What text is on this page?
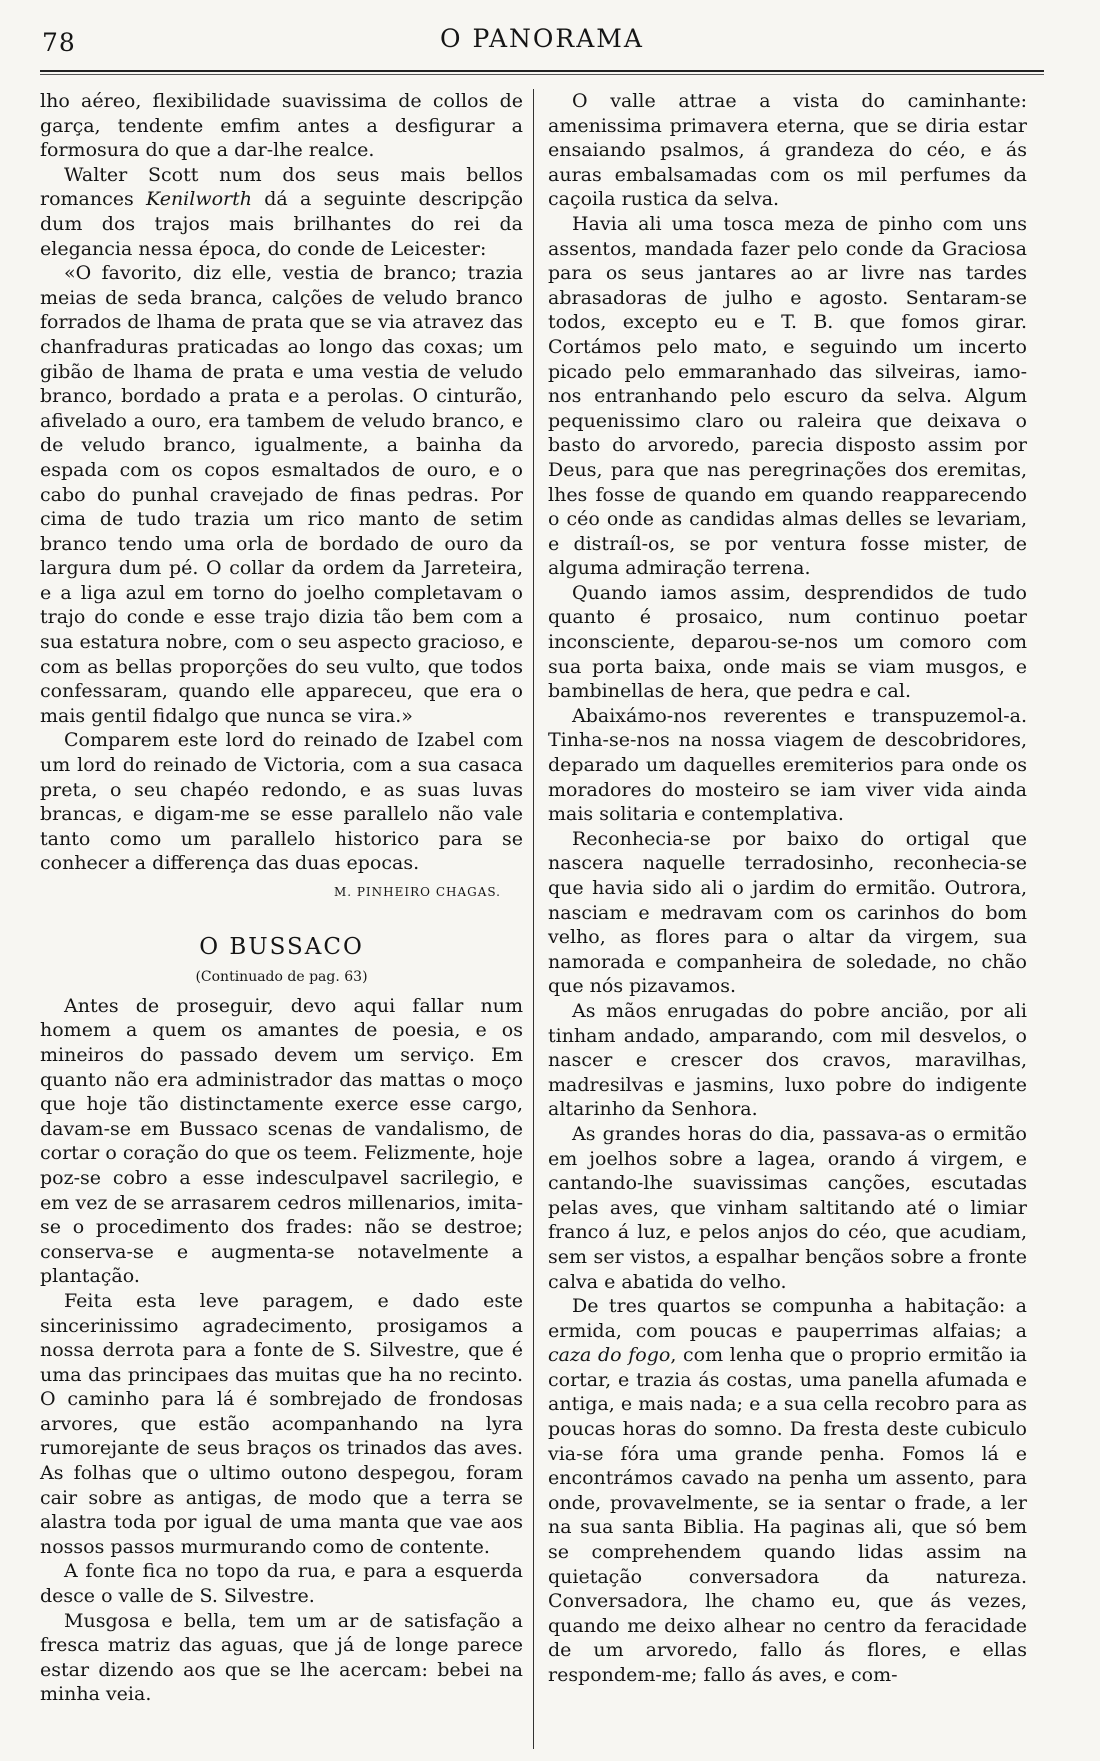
78	O PANORAMA

lho aéreo, flexibilidade suavissima de collos de garça, tendente emfim antes a desfigurar a formosura do que a dar-lhe realce.

Walter Scott num dos seus mais bellos romances Kenilworth dá a seguinte descripção dum dos trajos mais brilhantes do rei da elegancia nessa época, do conde de Leicester:

«O favorito, diz elle, vestia de branco; trazia meias de seda branca, calções de veludo branco forrados de lhama de prata que se via atravez das chanfraduras praticadas ao longo das coxas; um gibão de lhama de prata e uma vestia de veludo branco, bordado a prata e a perolas. O cinturão, afivelado a ouro, era tambem de veludo branco, e de veludo branco, igualmente, a bainha da espada com os copos esmaltados de ouro, e o cabo do punhal cravejado de finas pedras. Por cima de tudo trazia um rico manto de setim branco tendo uma orla de bordado de ouro da largura dum pé. O collar da ordem da Jarreteira, e a liga azul em torno do joelho completavam o trajo do conde e esse trajo dizia tão bem com a sua estatura nobre, com o seu aspecto gracioso, e com as bellas proporções do seu vulto, que todos confessaram, quando elle appareceu, que era o mais gentil fidalgo que nunca se vira.»

Comparem este lord do reinado de Izabel com um lord do reinado de Victoria, com a sua casaca preta, o seu chapéo redondo, e as suas luvas brancas, e digam-me se esse parallelo não vale tanto como um parallelo historico para se conhecer a differença das duas epocas.

M. PINHEIRO CHAGAS.
O BUSSACO
(Continuado de pag. 63)

Antes de proseguir, devo aqui fallar num homem a quem os amantes de poesia, e os mineiros do passado devem um serviço. Em quanto não era administrador das mattas o moço que hoje tão distinctamente exerce esse cargo, davam-se em Bussaco scenas de vandalismo, de cortar o coração do que os teem. Felizmente, hoje poz-se cobro a esse indesculpavel sacrilegio, e em vez de se arrasarem cedros millenarios, imita-se o procedimento dos frades: não se destroe; conserva-se e augmenta-se notavelmente a plantação.

Feita esta leve paragem, e dado este sincerinissimo agradecimento, prosigamos a nossa derrota para a fonte de S. Silvestre, que é uma das principaes das muitas que ha no recinto. O caminho para lá é sombrejado de frondosas arvores, que estão acompanhando na lyra rumorejante de seus braços os trinados das aves. As folhas que o ultimo outono despegou, foram cair sobre as antigas, de modo que a terra se alastra toda por igual de uma manta que vae aos nossos passos murmurando como de contente.

A fonte fica no topo da rua, e para a esquerda desce o valle de S. Silvestre.

Musgosa e bella, tem um ar de satisfação a fresca matriz das aguas, que já de longe parece estar dizendo aos que se lhe acercam: bebei na minha veia.

O valle attrae a vista do caminhante: amenissima primavera eterna, que se diria estar ensaiando psalmos, á grandeza do céo, e ás auras embalsamadas com os mil perfumes da caçoila rustica da selva.

Havia ali uma tosca meza de pinho com uns assentos, mandada fazer pelo conde da Graciosa para os seus jantares ao ar livre nas tardes abrasadoras de julho e agosto. Sentaram-se todos, excepto eu e T. B. que fomos girar. Cortámos pelo mato, e seguindo um incerto picado pelo emmaranhado das silveiras, iamo-nos entranhando pelo escuro da selva. Algum pequenissimo claro ou raleira que deixava o basto do arvoredo, parecia disposto assim por Deus, para que nas peregrinações dos eremitas, lhes fosse de quando em quando reapparecendo o céo onde as candidas almas delles se levariam, e distraíl-os, se por ventura fosse mister, de alguma admiração terrena.

Quando iamos assim, desprendidos de tudo quanto é prosaico, num continuo poetar inconsciente, deparou-se-nos um comoro com sua porta baixa, onde mais se viam musgos, e bambinellas de hera, que pedra e cal.

Abaixámo-nos reverentes e transpuzemol-a. Tinha-se-nos na nossa viagem de descobridores, deparado um daquelles eremiterios para onde os moradores do mosteiro se iam viver vida ainda mais solitaria e contemplativa.

Reconhecia-se por baixo do ortigal que nascera naquelle terradosinho, reconhecia-se que havia sido ali o jardim do ermitão. Outrora, nasciam e medravam com os carinhos do bom velho, as flores para o altar da virgem, sua namorada e companheira de soledade, no chão que nós pizavamos.

As mãos enrugadas do pobre ancião, por ali tinham andado, amparando, com mil desvelos, o nascer e crescer dos cravos, maravilhas, madresilvas e jasmins, luxo pobre do indigente altarinho da Senhora.

As grandes horas do dia, passava-as o ermitão em joelhos sobre a lagea, orando á virgem, e cantando-lhe suavissimas canções, escutadas pelas aves, que vinham saltitando até o limiar franco á luz, e pelos anjos do céo, que acudiam, sem ser vistos, a espalhar bençãos sobre a fronte calva e abatida do velho.

De tres quartos se compunha a habitação: a ermida, com poucas e pauperrimas alfaias; a caza do fogo, com lenha que o proprio ermitão ia cortar, e trazia ás costas, uma panella afumada e antiga, e mais nada; e a sua cella recobro para as poucas horas do somno. Da fresta deste cubiculo via-se fóra uma grande penha. Fomos lá e encontrámos cavado na penha um assento, para onde, provavelmente, se ia sentar o frade, a ler na sua santa Biblia. Ha paginas ali, que só bem se comprehendem quando lidas assim na quietação conversadora da natureza. Conversadora, lhe chamo eu, que ás vezes, quando me deixo alhear no centro da feracidade de um arvoredo, fallo ás flores, e ellas respondem-me; fallo ás aves, e com-
